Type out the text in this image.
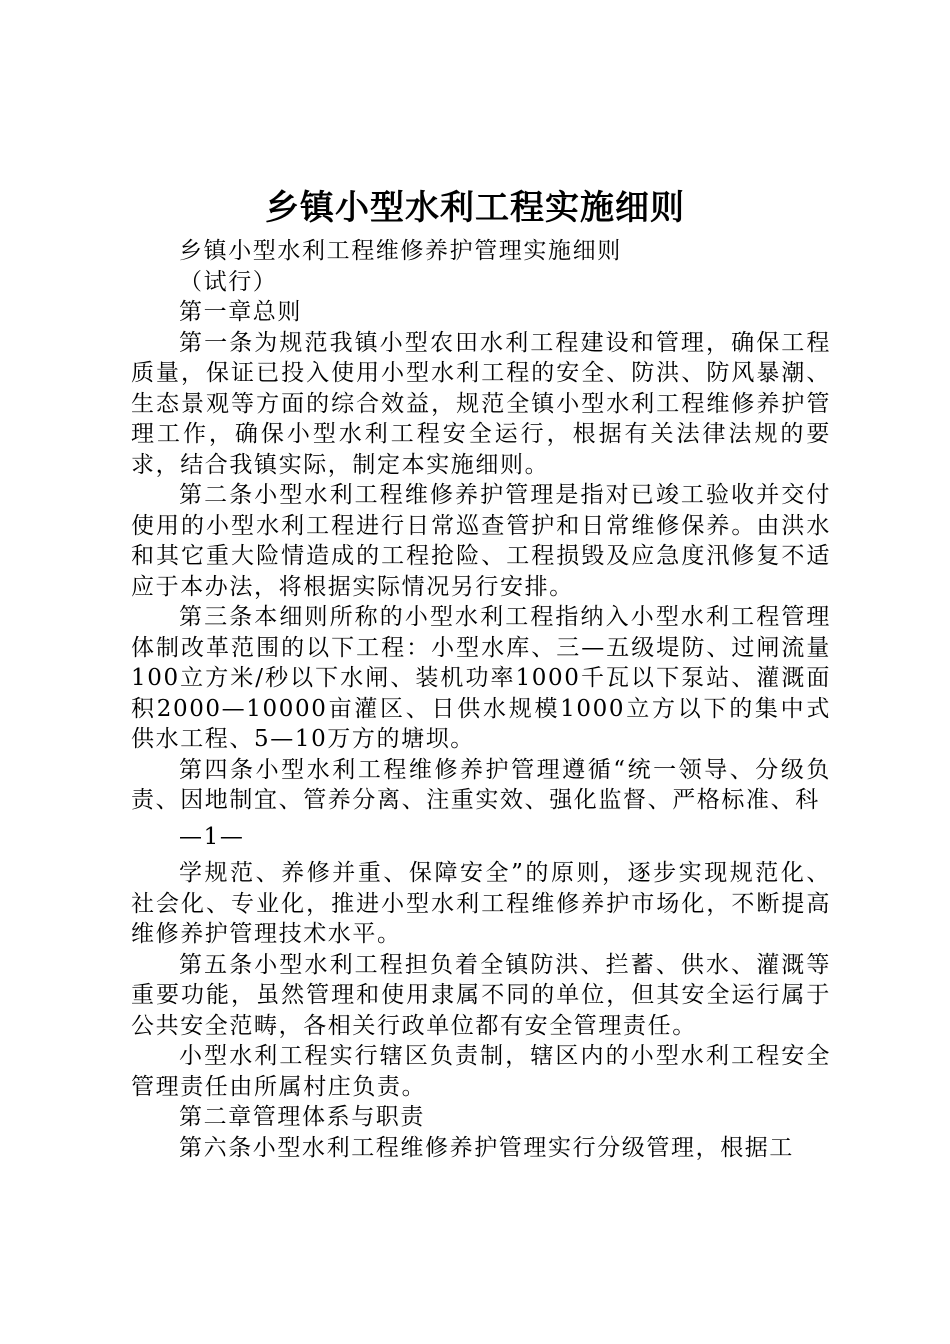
乡镇小型水利工程实施细则

乡镇小型水利工程维修养护管理实施细则

（试行）

第一章总则

第一条为规范我镇小型农田水利工程建设和管理，确保工程质量，保证已投入使用小型水利工程的安全、防洪、防风暴潮、生态景观等方面的综合效益，规范全镇小型水利工程维修养护管理工作，确保小型水利工程安全运行，根据有关法律法规的要求，结合我镇实际，制定本实施细则。

第二条小型水利工程维修养护管理是指对已竣工验收并交付使用的小型水利工程进行日常巡查管护和日常维修保养。由洪水和其它重大险情造成的工程抢险、工程损毁及应急度汛修复不适应于本办法，将根据实际情况另行安排。

第三条本细则所称的小型水利工程指纳入小型水利工程管理体制改革范围的以下工程：小型水库、三—五级堤防、过闸流量100立方米/秒以下水闸、装机功率1000千瓦以下泵站、灌溉面积2000—10000亩灌区、日供水规模1000立方以下的集中式供水工程、5—10万方的塘坝。

第四条小型水利工程维修养护管理遵循“统一领导、分级负责、因地制宜、管养分离、注重实效、强化监督、严格标准、科

—1—

学规范、养修并重、保障安全”的原则，逐步实现规范化、社会化、专业化，推进小型水利工程维修养护市场化，不断提高维修养护管理技术水平。

第五条小型水利工程担负着全镇防洪、拦蓄、供水、灌溉等重要功能，虽然管理和使用隶属不同的单位，但其安全运行属于公共安全范畴，各相关行政单位都有安全管理责任。

小型水利工程实行辖区负责制，辖区内的小型水利工程安全管理责任由所属村庄负责。

第二章管理体系与职责

第六条小型水利工程维修养护管理实行分级管理，根据工
